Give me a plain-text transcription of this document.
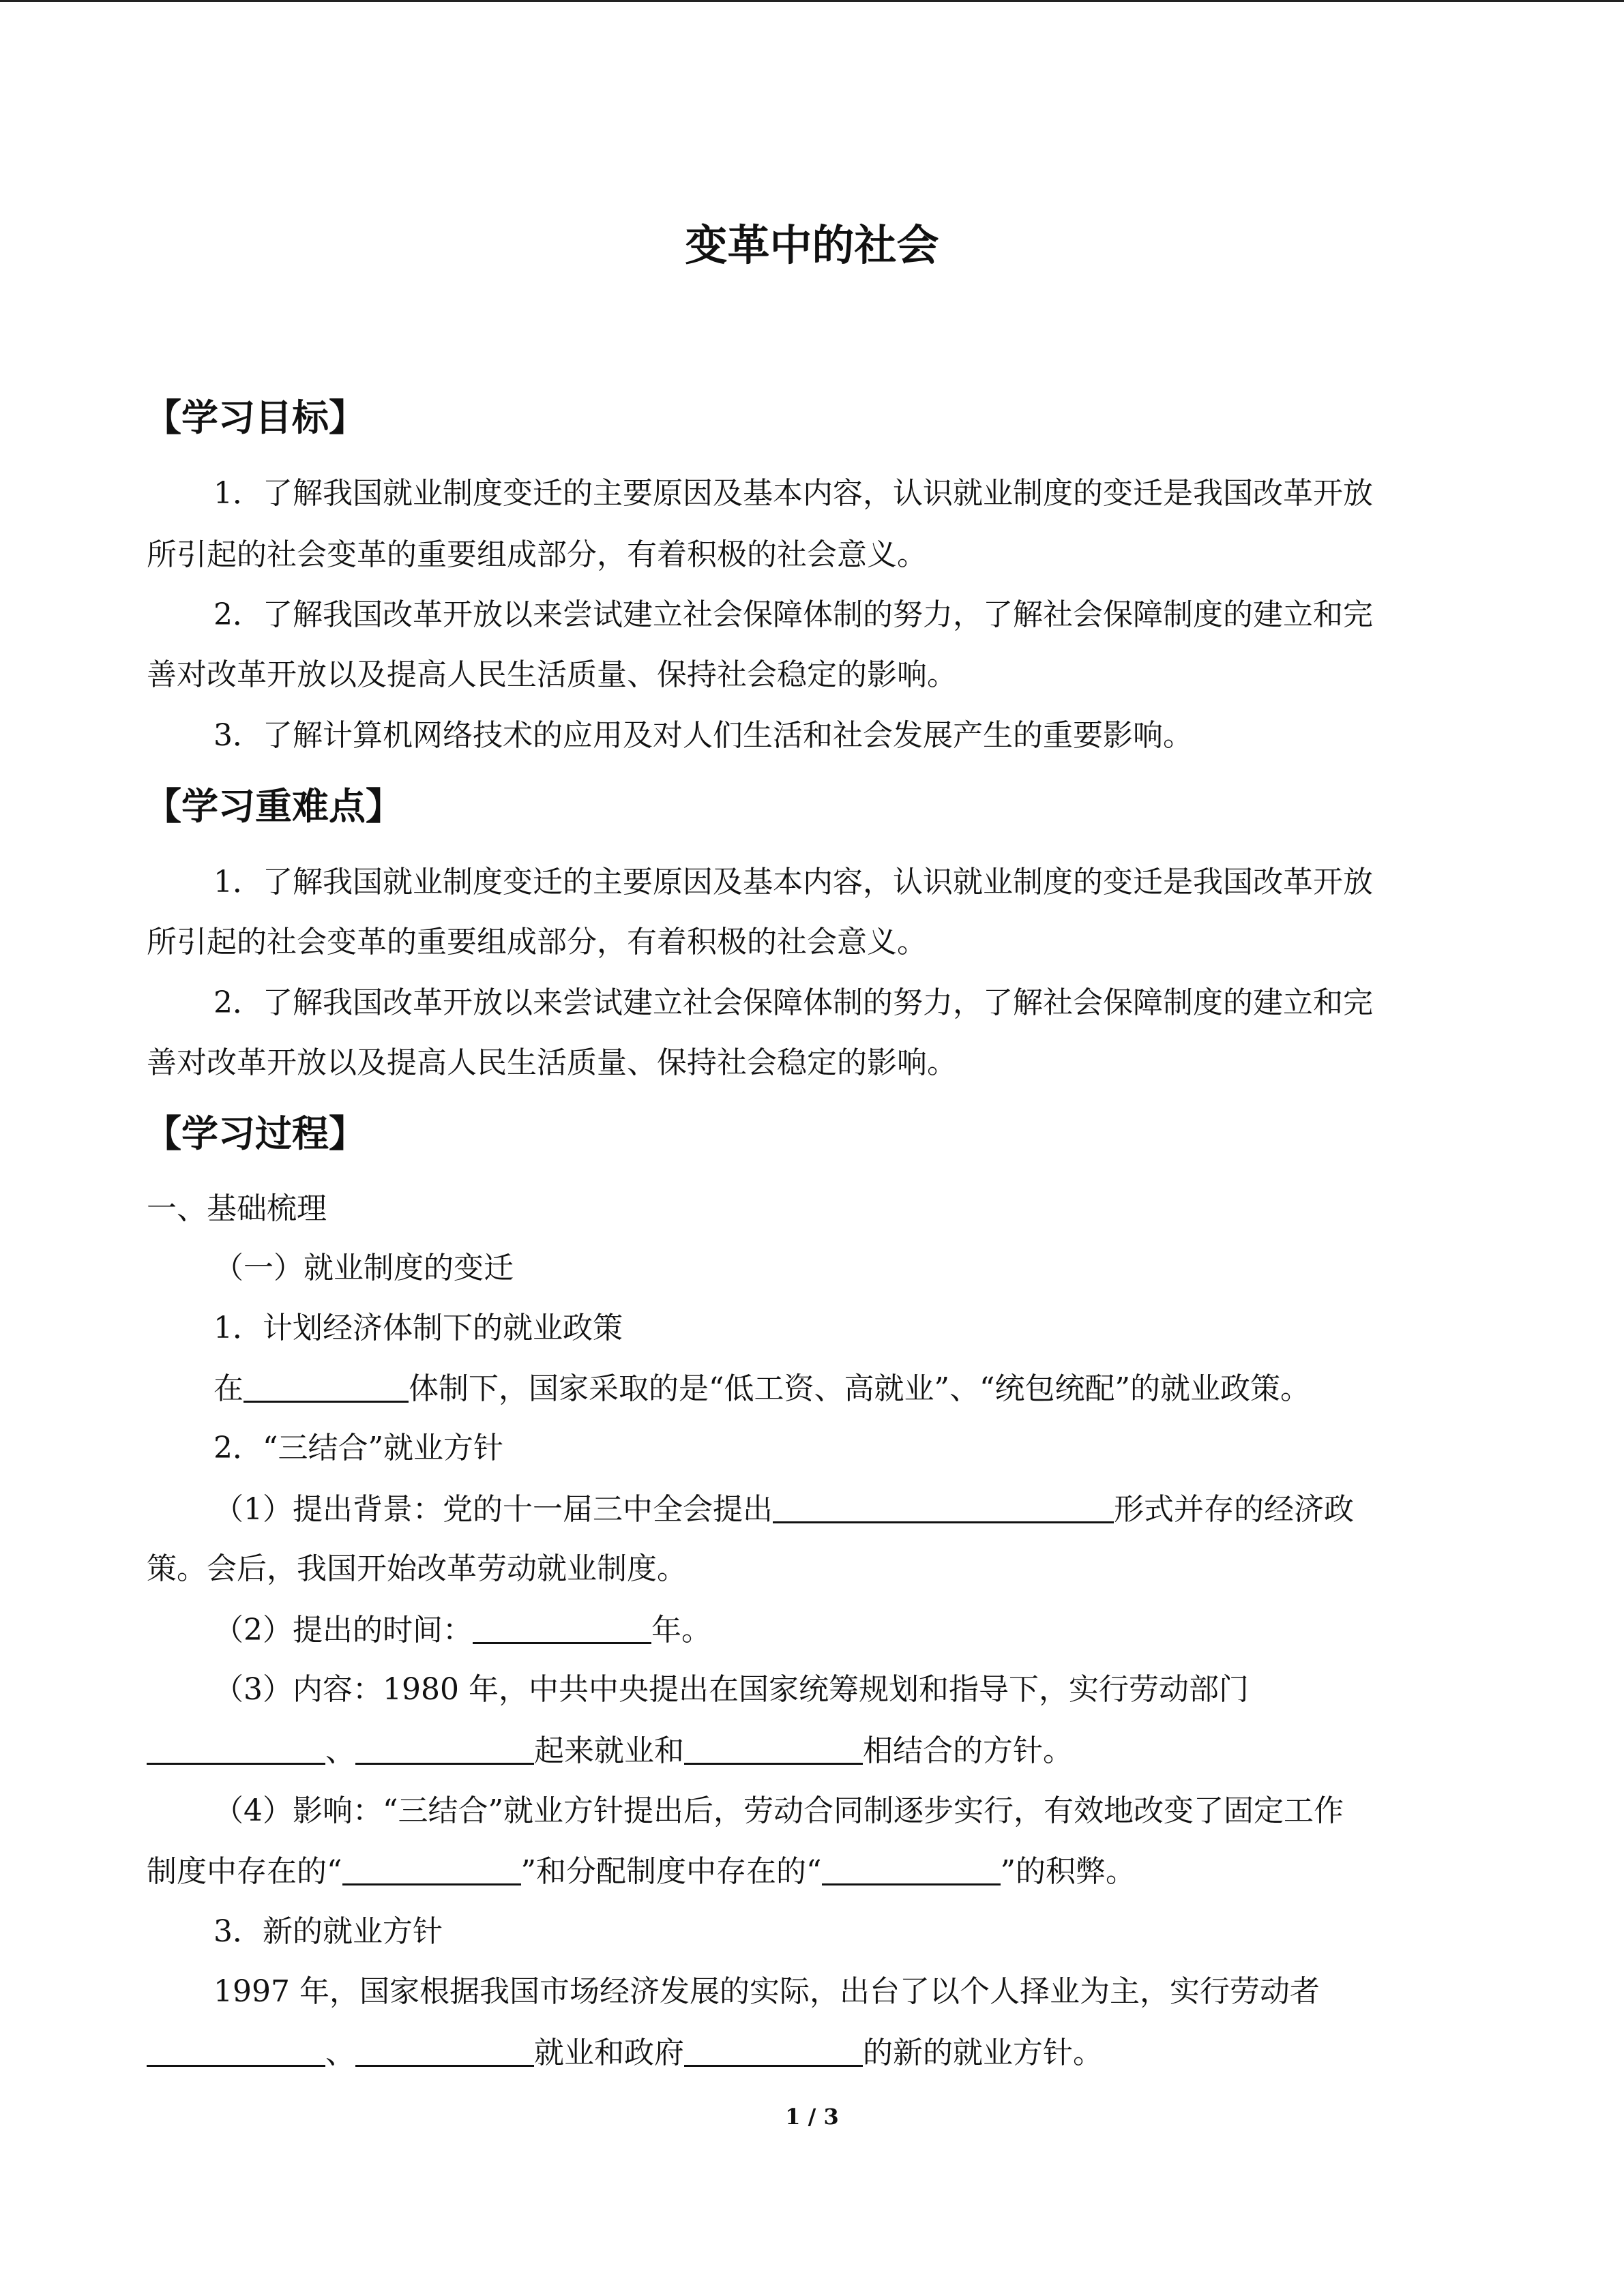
变革中的社会
【学习目标】
1．了解我国就业制度变迁的主要原因及基本内容，认识就业制度的变迁是我国改革开放
所引起的社会变革的重要组成部分，有着积极的社会意义。
2．了解我国改革开放以来尝试建立社会保障体制的努力，了解社会保障制度的建立和完
善对改革开放以及提高人民生活质量、保持社会稳定的影响。
3．了解计算机网络技术的应用及对人们生活和社会发展产生的重要影响。
【学习重难点】
1．了解我国就业制度变迁的主要原因及基本内容，认识就业制度的变迁是我国改革开放
所引起的社会变革的重要组成部分，有着积极的社会意义。
2．了解我国改革开放以来尝试建立社会保障体制的努力，了解社会保障制度的建立和完
善对改革开放以及提高人民生活质量、保持社会稳定的影响。
【学习过程】
一、基础梳理
（一）就业制度的变迁
1．计划经济体制下的就业政策
在	体制下，国家采取的是“低工资、高就业”、“统包统配”的就业政策。
2．“三结合”就业方针
（1）提出背景：党的十一届三中全会提出	形式并存的经济政
策。会后，我国开始改革劳动就业制度。
（2）提出的时间：	年。
（3）内容：1980 年，中共中央提出在国家统筹规划和指导下，实行劳动部门
、	起来就业和	相结合的方针。
（4）影响：“三结合”就业方针提出后，劳动合同制逐步实行，有效地改变了固定工作
制度中存在的“	”和分配制度中存在的“	”的积弊。
3．新的就业方针
1997 年，国家根据我国市场经济发展的实际，出台了以个人择业为主，实行劳动者
、	就业和政府	的新的就业方针。
1 / 3
